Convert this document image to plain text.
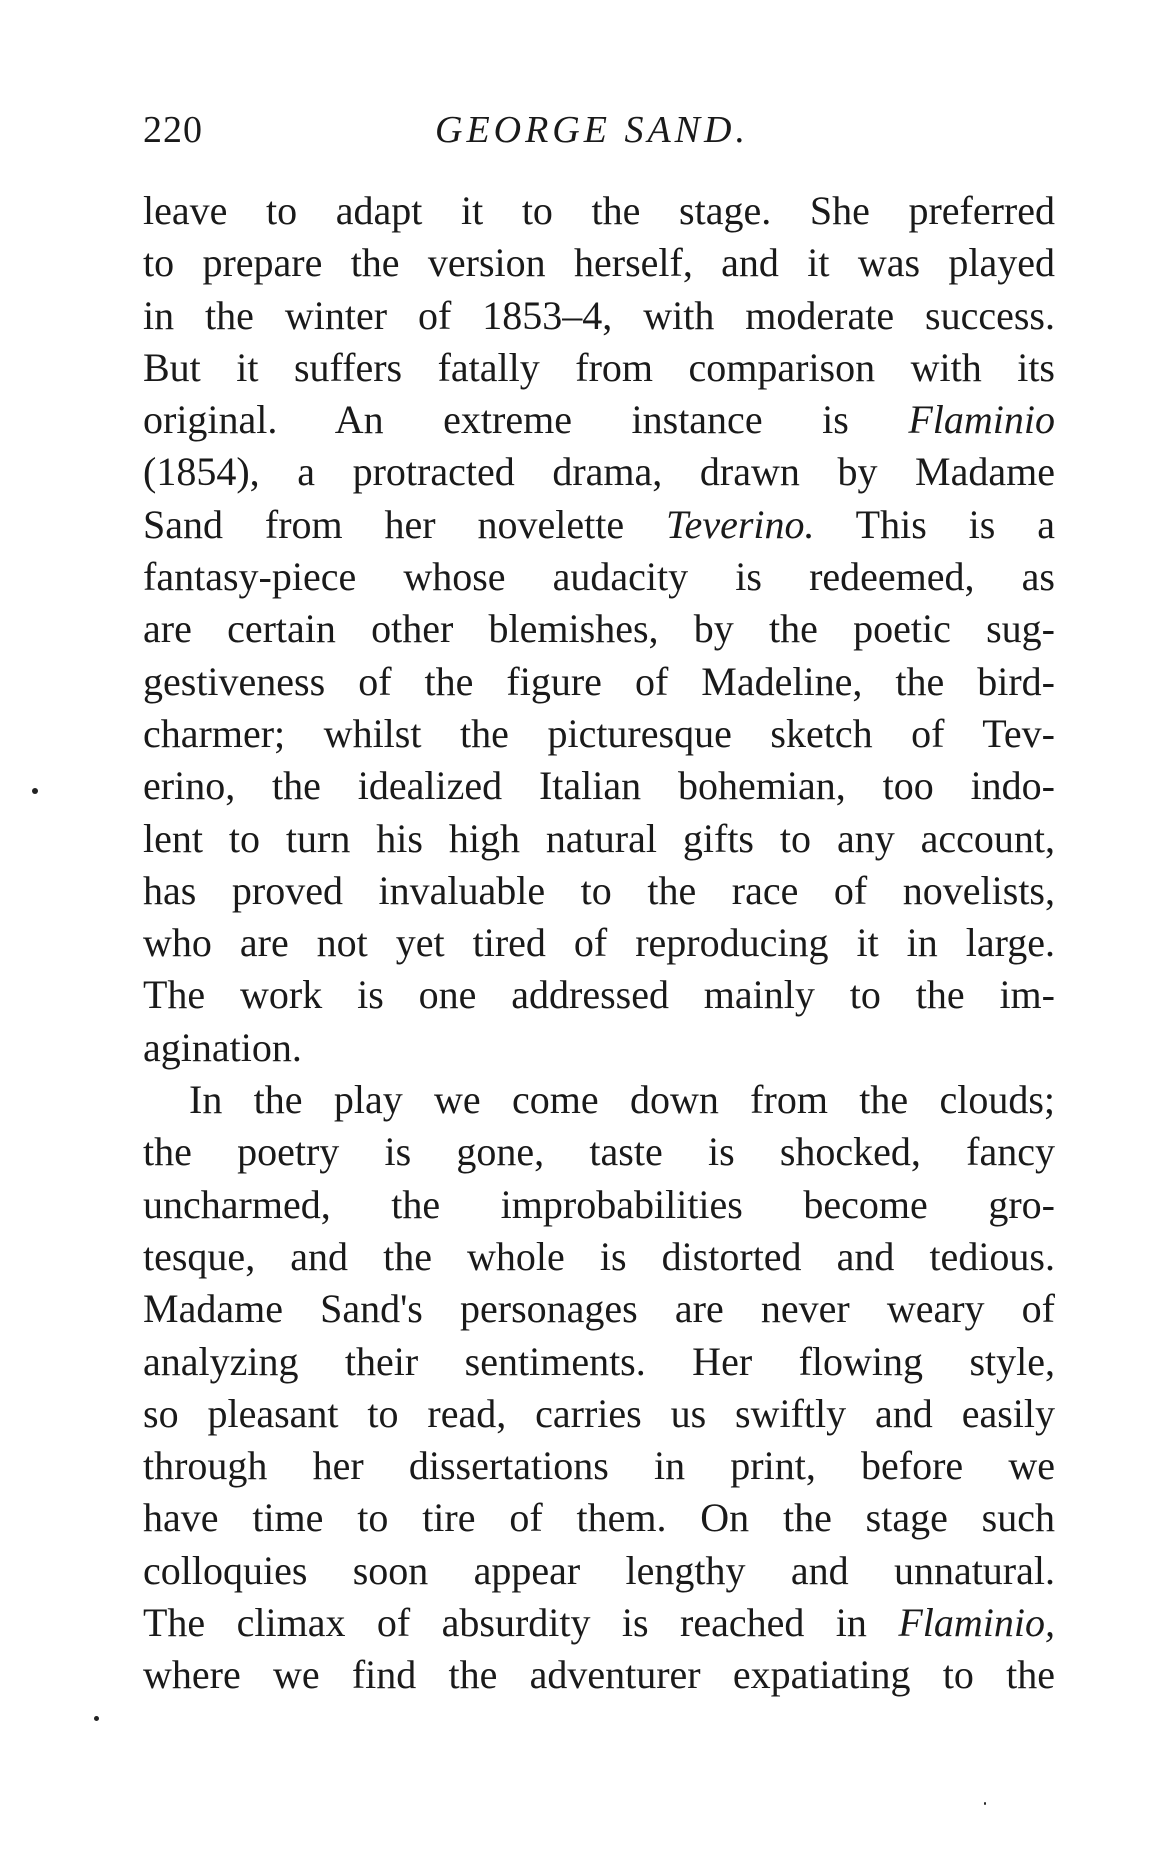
220	GEORGE SAND.
leave to adapt it to the stage. She preferred
to prepare the version herself, and it was played
in the winter of 1853–4, with moderate success.
But it suffers fatally from comparison with its
original. An extreme instance is Flaminio
(1854), a protracted drama, drawn by Madame
Sand from her novelette Teverino. This is a
fantasy-piece whose audacity is redeemed, as
are certain other blemishes, by the poetic sug-
gestiveness of the figure of Madeline, the bird-
charmer; whilst the picturesque sketch of Tev-
erino, the idealized Italian bohemian, too indo-
lent to turn his high natural gifts to any account,
has proved invaluable to the race of novelists,
who are not yet tired of reproducing it in large.
The work is one addressed mainly to the im-
agination.
In the play we come down from the clouds;
the poetry is gone, taste is shocked, fancy
uncharmed, the improbabilities become gro-
tesque, and the whole is distorted and tedious.
Madame Sand's personages are never weary of
analyzing their sentiments. Her flowing style,
so pleasant to read, carries us swiftly and easily
through her dissertations in print, before we
have time to tire of them. On the stage such
colloquies soon appear lengthy and unnatural.
The climax of absurdity is reached in Flaminio,
where we find the adventurer expatiating to the
